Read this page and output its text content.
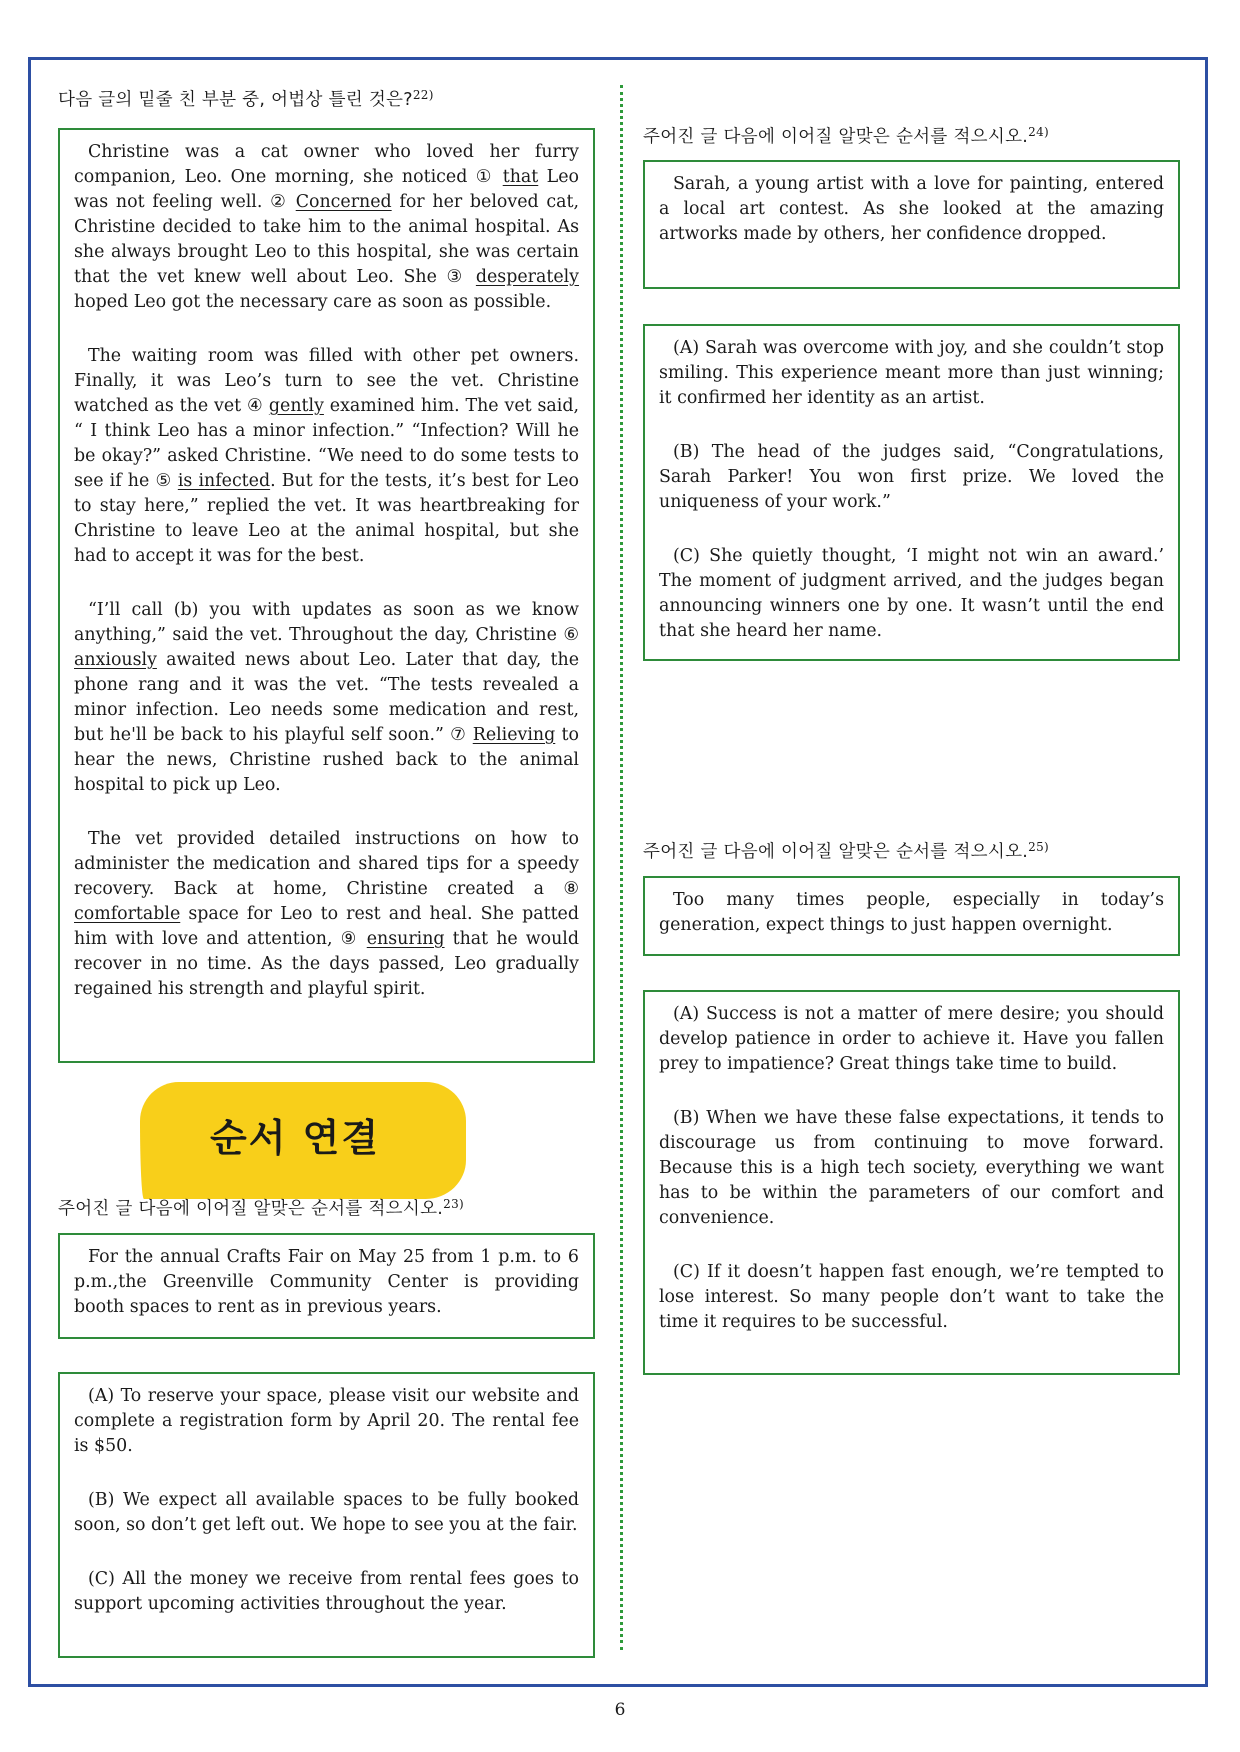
다음 글의 밑줄 친 부분 중, 어법상 틀린 것은?$^{22)}$

Christine was a cat owner who loved her furry companion, Leo. One morning, she noticed ① that Leo was not feeling well. ② Concerned for her beloved cat, Christine decided to take him to the animal hospital. As she always brought Leo to this hospital, she was certain that the vet knew well about Leo. She ③ desperately hoped Leo got the necessary care as soon as possible.

The waiting room was filled with other pet owners. Finally, it was Leo’s turn to see the vet. Christine watched as the vet ④ gently examined him. The vet said, “ I think Leo has a minor infection.” “Infection? Will he be okay?” asked Christine. “We need to do some tests to see if he ⑤ is infected. But for the tests, it’s best for Leo to stay here,” replied the vet. It was heartbreaking for Christine to leave Leo at the animal hospital, but she had to accept it was for the best.

“I’ll call (b) you with updates as soon as we know anything,” said the vet. Throughout the day, Christine ⑥ anxiously awaited news about Leo. Later that day, the phone rang and it was the vet. “The tests revealed a minor infection. Leo needs some medication and rest, but he'll be back to his playful self soon.” ⑦ Relieving to hear the news, Christine rushed back to the animal hospital to pick up Leo.

The vet provided detailed instructions on how to administer the medication and shared tips for a speedy recovery. Back at home, Christine created a ⑧ comfortable space for Leo to rest and heal. She patted him with love and attention, ⑨ ensuring that he would recover in no time. As the days passed, Leo gradually regained his strength and playful spirit.

순서 연결
주어진 글 다음에 이어질 알맞은 순서를 적으시오.$^{23)}$

For the annual Crafts Fair on May 25 from 1 p.m. to 6 p.m.,the Greenville Community Center is providing booth spaces to rent as in previous years.

(A) To reserve your space, please visit our website and complete a registration form by April 20. The rental fee is $50.

(B) We expect all available spaces to be fully booked soon, so don’t get left out. We hope to see you at the fair.

(C) All the money we receive from rental fees goes to support upcoming activities throughout the year.

주어진 글 다음에 이어질 알맞은 순서를 적으시오.$^{24)}$

Sarah, a young artist with a love for painting, entered a local art contest. As she looked at the amazing artworks made by others, her confidence dropped.

(A) Sarah was overcome with joy, and she couldn’t stop smiling. This experience meant more than just winning; it confirmed her identity as an artist.

(B) The head of the judges said, “Congratulations, Sarah Parker! You won first prize. We loved the uniqueness of your work.”

(C) She quietly thought, ‘I might not win an award.’ The moment of judgment arrived, and the judges began announcing winners one by one. It wasn’t until the end that she heard her name.

주어진 글 다음에 이어질 알맞은 순서를 적으시오.$^{25)}$

Too many times people, especially in today’s generation, expect things to just happen overnight.

(A) Success is not a matter of mere desire; you should develop patience in order to achieve it. Have you fallen prey to impatience? Great things take time to build.

(B) When we have these false expectations, it tends to discourage us from continuing to move forward. Because this is a high tech society, everything we want has to be within the parameters of our comfort and convenience.

(C) If it doesn’t happen fast enough, we’re tempted to lose interest. So many people don’t want to take the time it requires to be successful.

6
